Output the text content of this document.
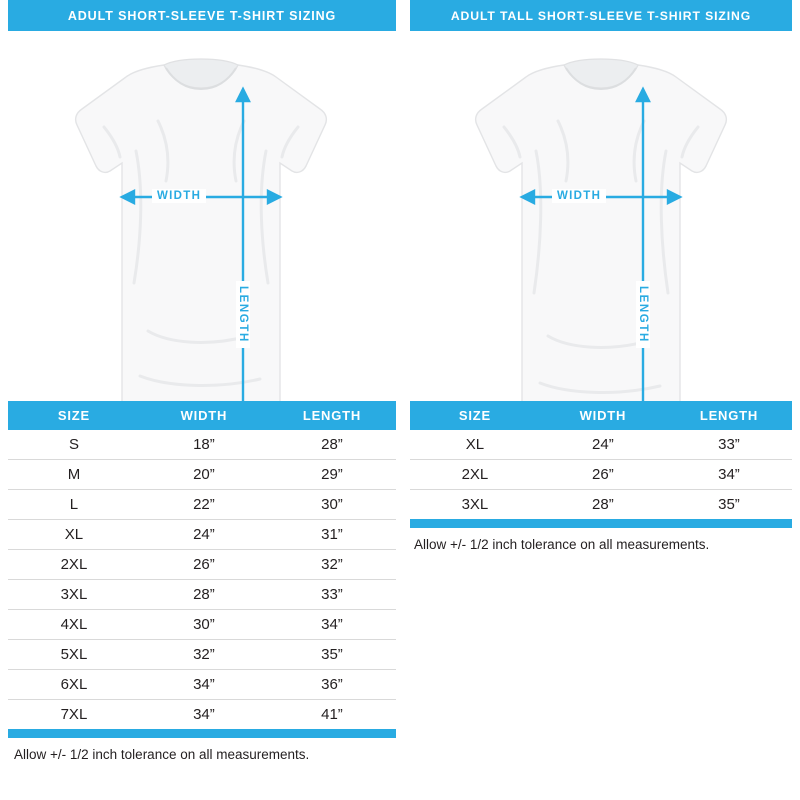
ADULT SHORT-SLEEVE T-SHIRT SIZING
WIDTH
LENGTH
SIZE	WIDTH	LENGTH
S	18”	28”
M	20”	29”
L	22”	30”
XL	24”	31”
2XL	26”	32”
3XL	28”	33”
4XL	30”	34”
5XL	32”	35”
6XL	34”	36”
7XL	34”	41”
Allow +/- 1/2 inch tolerance on all measurements.
ADULT TALL SHORT-SLEEVE T-SHIRT SIZING
WIDTH
LENGTH
SIZE	WIDTH	LENGTH
XL	24”	33”
2XL	26”	34”
3XL	28”	35”
Allow +/- 1/2 inch tolerance on all measurements.
